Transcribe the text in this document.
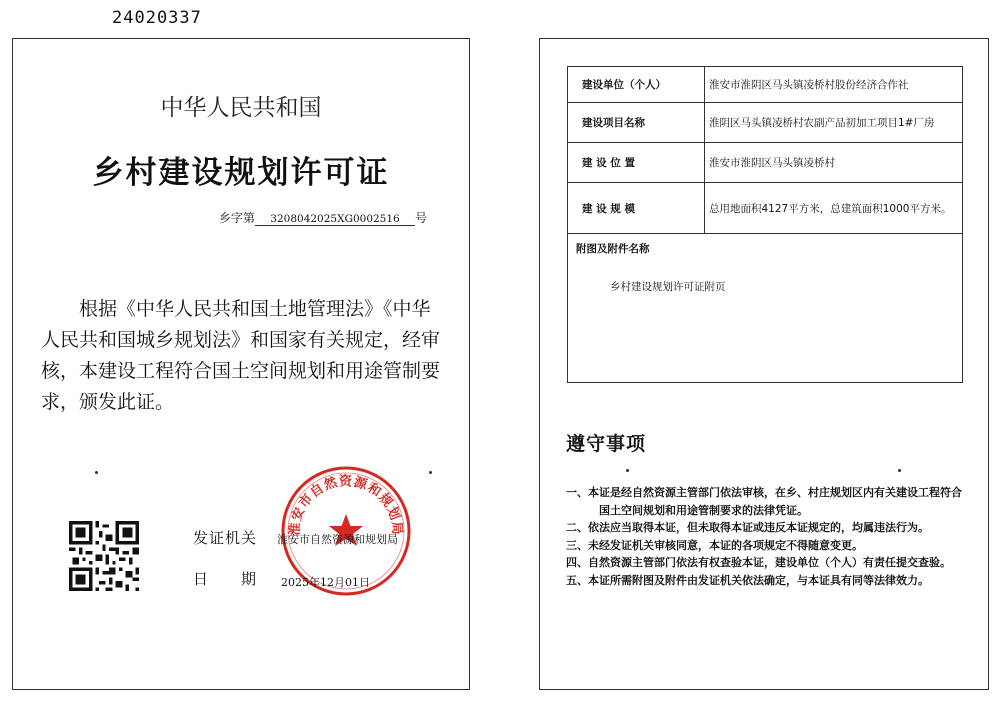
24020337
中华人民共和国
乡村建设规划许可证
乡字第 3208042025XG0002516 号
根据《中华人民共和国土地管理法》《中华人民共和国城乡规划法》和国家有关规定，经审核，本建设工程符合国土空间规划和用途管制要求，颁发此证。
淮安市自然资源和规划局
发证机关 淮安市自然资源和规划局
日　　期 2025年12月01日
建设单位（个人）	淮安市淮阴区马头镇凌桥村股份经济合作社
建设项目名称	淮阴区马头镇凌桥村农副产品初加工项目1#厂房
建 设 位 置	淮安市淮阴区马头镇凌桥村
建 设 规 模	总用地面积4127平方米，总建筑面积1000平方米。
附图及附件名称
乡村建设规划许可证附页
遵守事项
一、本证是经自然资源主管部门依法审核，在乡、村庄规划区内有关建设工程符合国土空间规划和用途管制要求的法律凭证。
二、依法应当取得本证，但未取得本证或违反本证规定的，均属违法行为。
三、未经发证机关审核同意，本证的各项规定不得随意变更。
四、自然资源主管部门依法有权查验本证，建设单位（个人）有责任提交查验。
五、本证所需附图及附件由发证机关依法确定，与本证具有同等法律效力。
